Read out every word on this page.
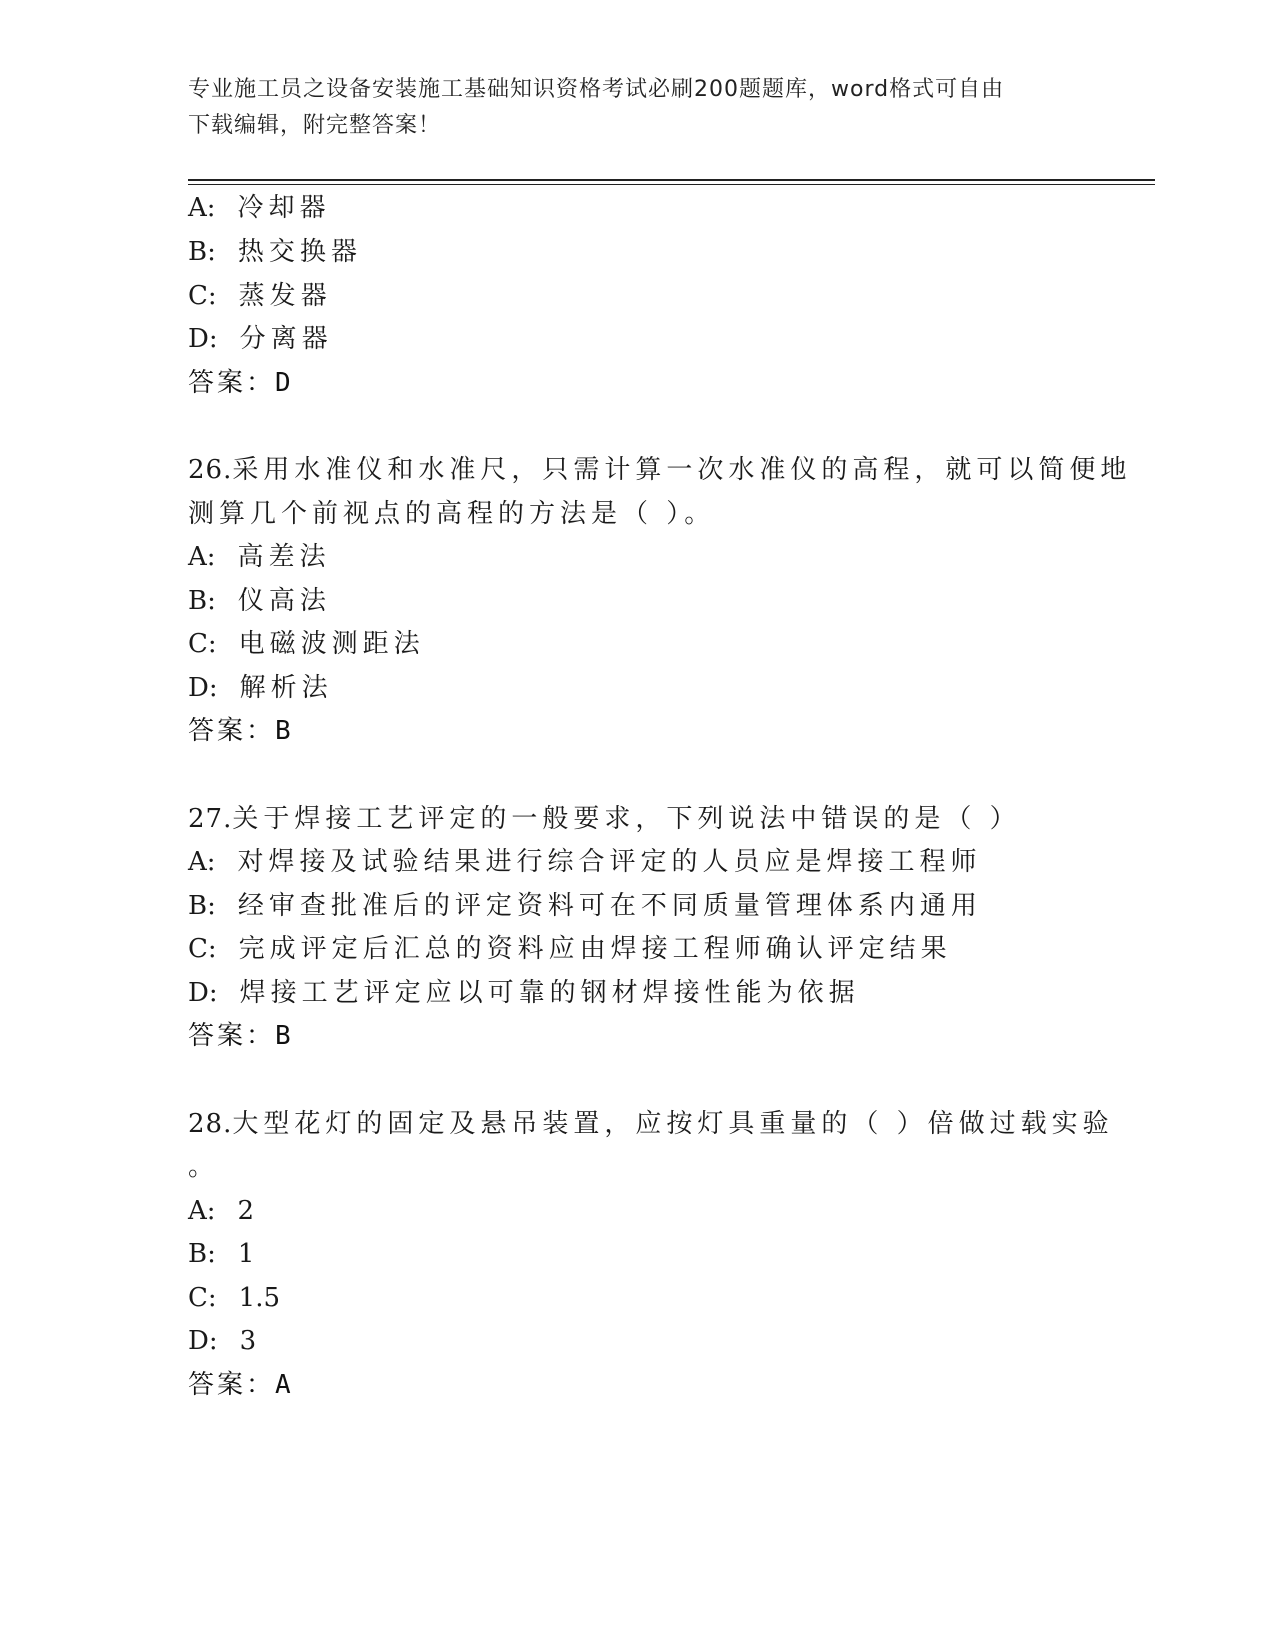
专业施工员之设备安装施工基础知识资格考试必刷200题题库，word格式可自由
下载编辑，附完整答案！
A: 冷却器
B: 热交换器
C: 蒸发器
D: 分离器
答案：D
26.采用水准仪和水准尺，只需计算一次水准仪的高程，就可以简便地
测算几个前视点的高程的方法是（ ）。
A: 高差法
B: 仪高法
C: 电磁波测距法
D: 解析法
答案：B
27.关于焊接工艺评定的一般要求，下列说法中错误的是（ ）
A: 对焊接及试验结果进行综合评定的人员应是焊接工程师
B: 经审查批准后的评定资料可在不同质量管理体系内通用
C: 完成评定后汇总的资料应由焊接工程师确认评定结果
D: 焊接工艺评定应以可靠的钢材焊接性能为依据
答案：B
28.大型花灯的固定及悬吊装置，应按灯具重量的（ ）倍做过载实验
。
A: 2
B: 1
C: 1.5
D: 3
答案：A
